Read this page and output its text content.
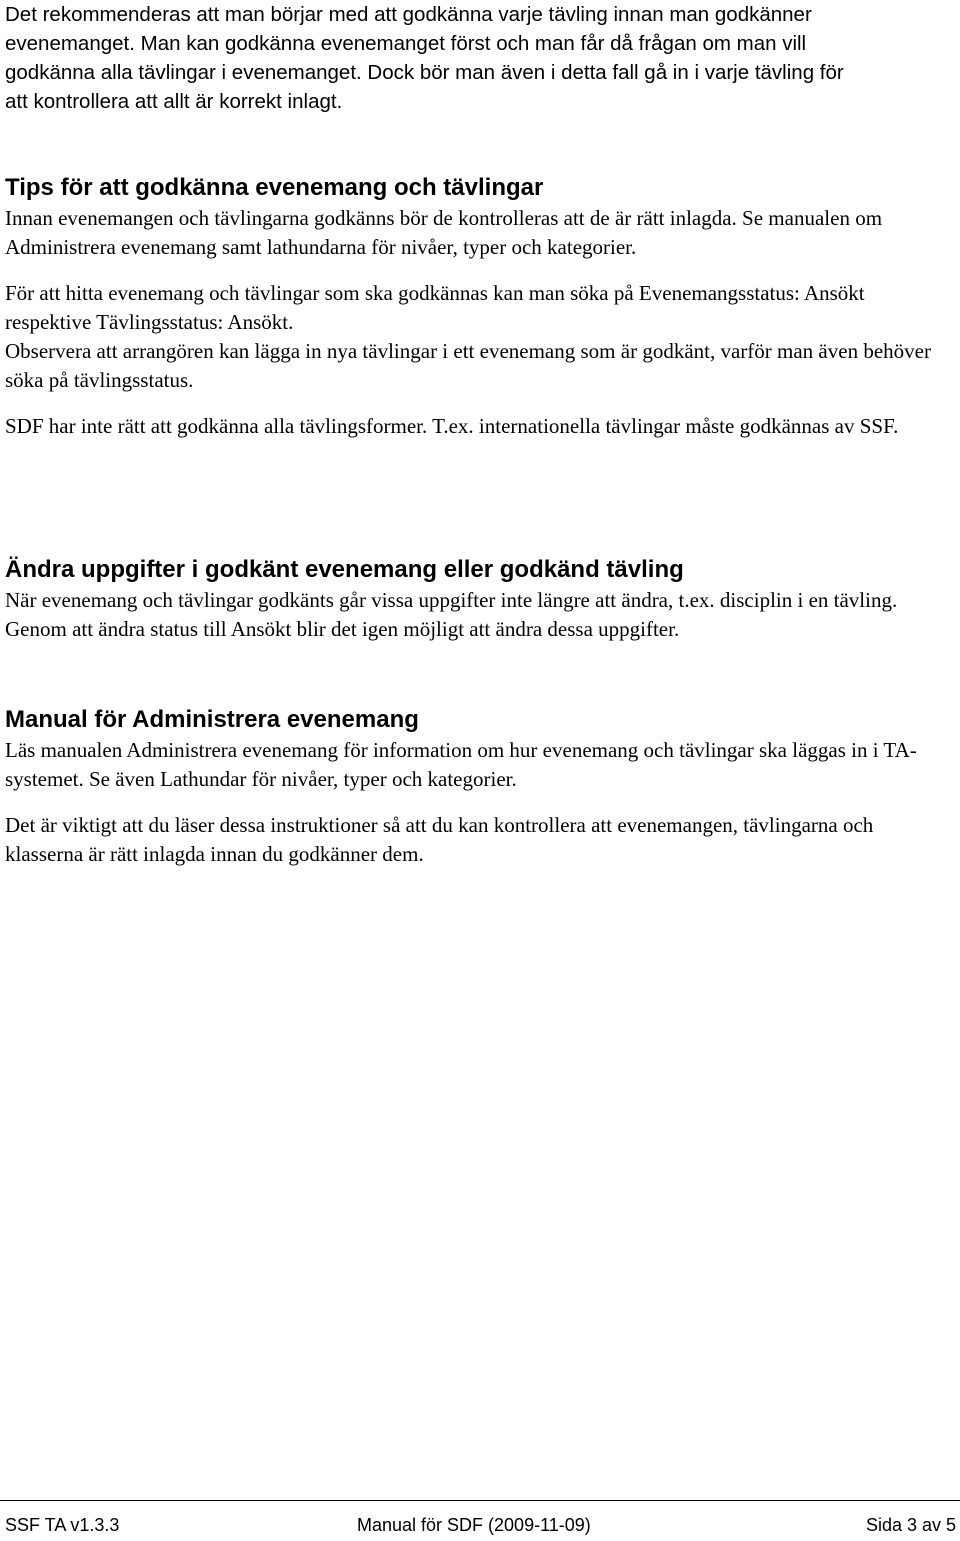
Det rekommenderas att man börjar med att godkänna varje tävling innan man godkänner

evenemanget. Man kan godkänna evenemanget först och man får då frågan om man vill

godkänna alla tävlingar i evenemanget. Dock bör man även i detta fall gå in i varje tävling för

att kontrollera att allt är korrekt inlagt.

Tips för att godkänna evenemang och tävlingar

Innan evenemangen och tävlingarna godkänns bör de kontrolleras att de är rätt inlagda. Se manualen om Administrera evenemang samt lathundarna för nivåer, typer och kategorier.

För att hitta evenemang och tävlingar som ska godkännas kan man söka på Evenemangsstatus: Ansökt respektive Tävlingsstatus: Ansökt.

Observera att arrangören kan lägga in nya tävlingar i ett evenemang som är godkänt, varför man även behöver söka på tävlingsstatus.

SDF har inte rätt att godkänna alla tävlingsformer. T.ex. internationella tävlingar måste godkännas av SSF.

Ändra uppgifter i godkänt evenemang eller godkänd tävling

När evenemang och tävlingar godkänts går vissa uppgifter inte längre att ändra, t.ex. disciplin i en tävling. Genom att ändra status till Ansökt blir det igen möjligt att ändra dessa uppgifter.

Manual för Administrera evenemang

Läs manualen Administrera evenemang för information om hur evenemang och tävlingar ska läggas in i TA-systemet. Se även Lathundar för nivåer, typer och kategorier.

Det är viktigt att du läser dessa instruktioner så att du kan kontrollera att evenemangen, tävlingarna och klasserna är rätt inlagda innan du godkänner dem.

SSF TA v1.3.3	Manual för SDF (2009-11-09)	Sida 3 av 5
